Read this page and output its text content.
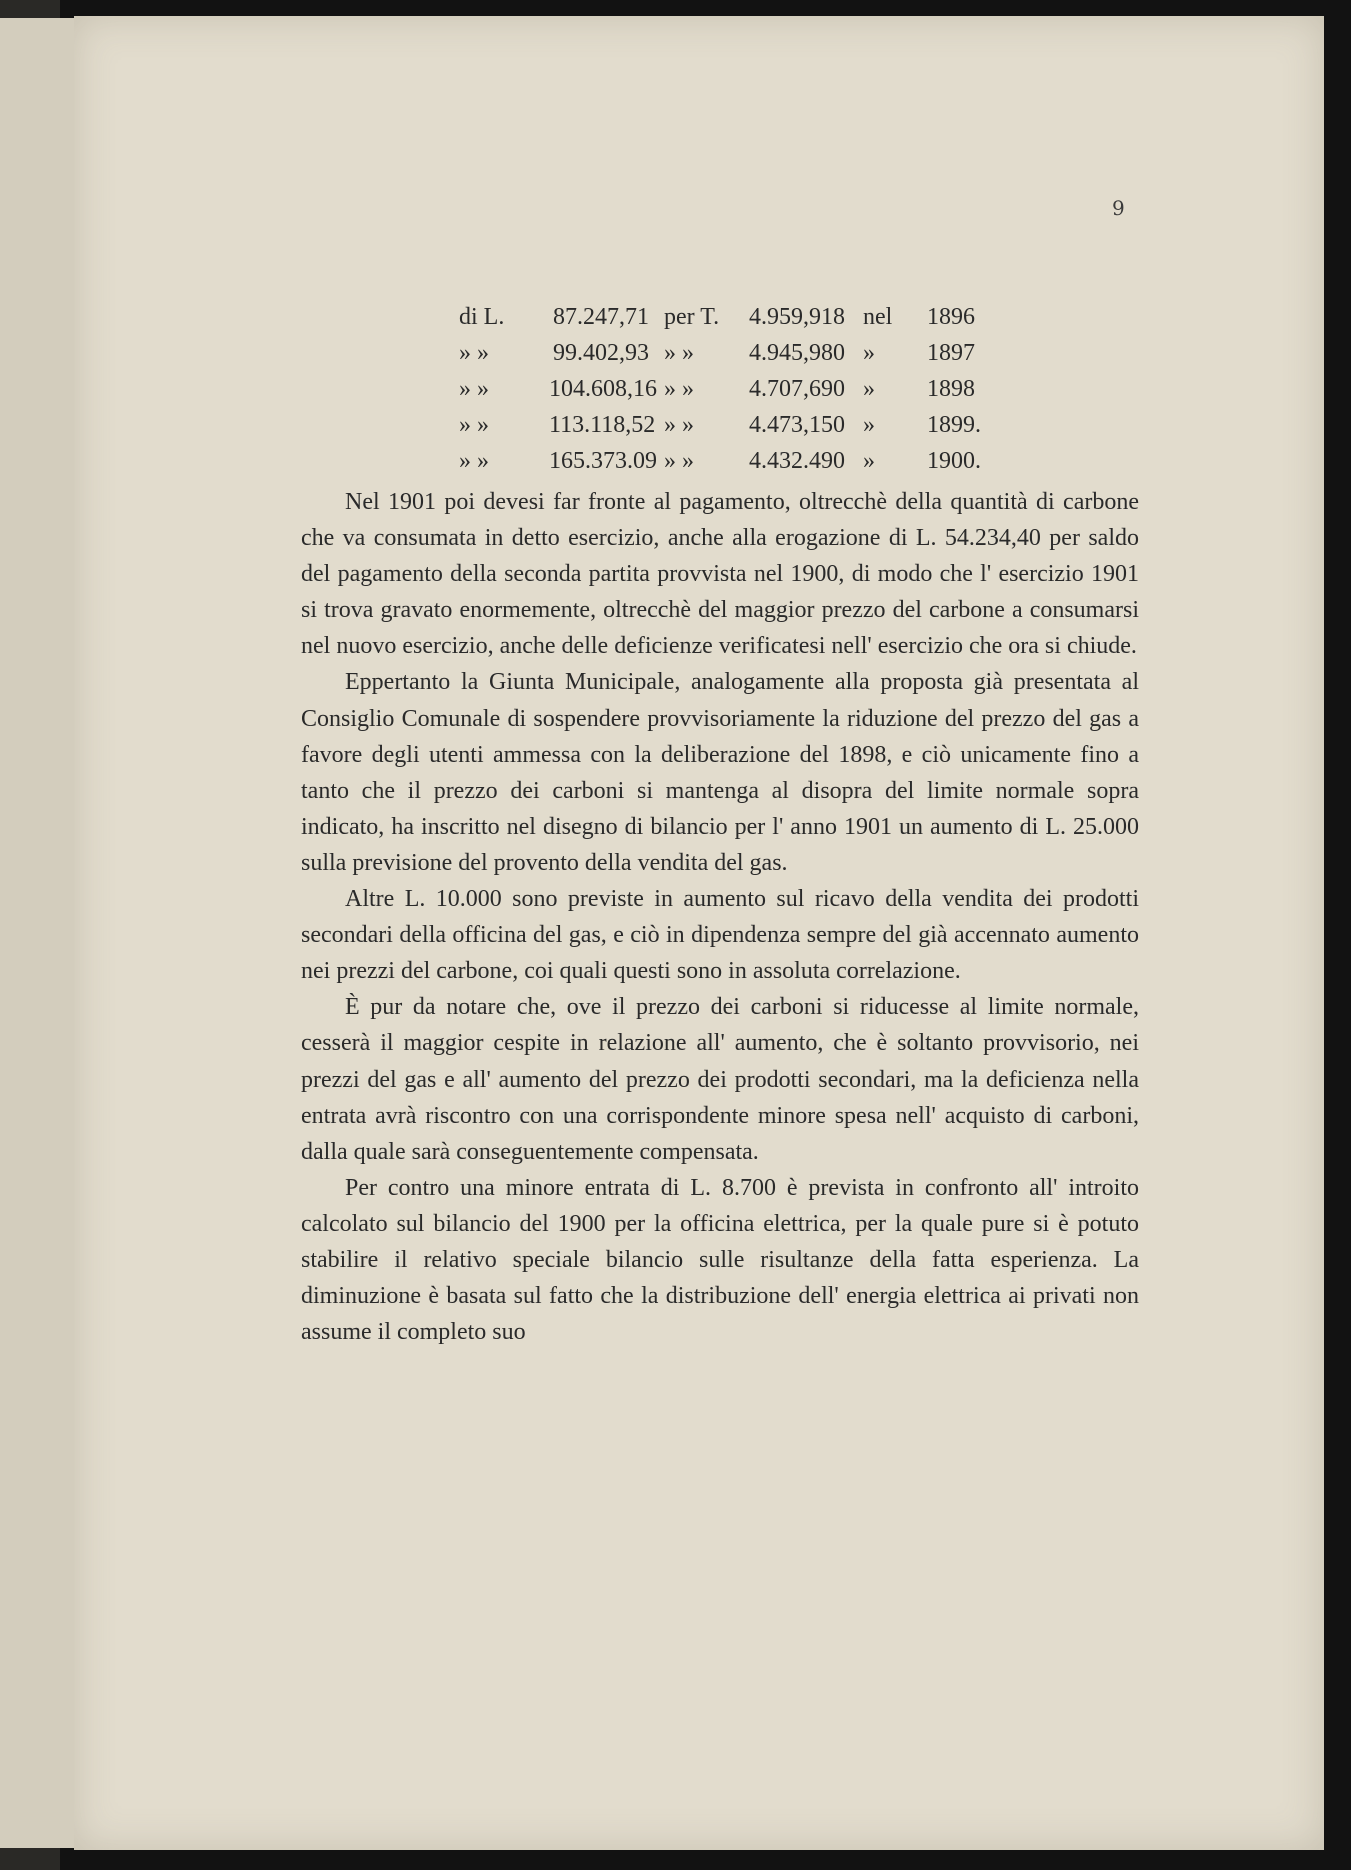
9
di L. 87.247,71 per T. 4.959,918 nel 1896
» »	99.402,93 » » 4.945,980 » 1897
» »	104.608,16 » » 4.707,690 » 1898
» »	113.118,52 » » 4.473,150 » 1899.
» »	165.373.09 » » 4.432.490 » 1900.

Nel 1901 poi devesi far fronte al pagamento, oltrecchè della quantità di carbone che va consumata in detto esercizio, anche alla erogazione di L. 54.234,40 per saldo del pagamento della seconda partita provvista nel 1900, di modo che l' esercizio 1901 si trova gravato enormemente, oltrecchè del maggior prezzo del carbone a consumarsi nel nuovo esercizio, anche delle deficienze verificatesi nell' esercizio che ora si chiude.

Eppertanto la Giunta Municipale, analogamente alla proposta già presentata al Consiglio Comunale di sospendere provvisoriamente la riduzione del prezzo del gas a favore degli utenti ammessa con la deliberazione del 1898, e ciò unicamente fino a tanto che il prezzo dei carboni si mantenga al disopra del limite normale sopra indicato, ha inscritto nel disegno di bilancio per l' anno 1901 un aumento di L. 25.000 sulla previsione del provento della vendita del gas.

Altre L. 10.000 sono previste in aumento sul ricavo della vendita dei prodotti secondari della officina del gas, e ciò in dipendenza sempre del già accennato aumento nei prezzi del carbone, coi quali questi sono in assoluta correlazione.

È pur da notare che, ove il prezzo dei carboni si riducesse al limite normale, cesserà il maggior cespite in relazione all' aumento, che è soltanto provvisorio, nei prezzi del gas e all' aumento del prezzo dei prodotti secondari, ma la deficienza nella entrata avrà riscontro con una corrispondente minore spesa nell' acquisto di carboni, dalla quale sarà conseguentemente compensata.

Per contro una minore entrata di L. 8.700 è prevista in confronto all' introito calcolato sul bilancio del 1900 per la officina elettrica, per la quale pure si è potuto stabilire il relativo speciale bilancio sulle risultanze della fatta esperienza. La diminuzione è basata sul fatto che la distribuzione dell' energia elettrica ai privati non assume il completo suo
